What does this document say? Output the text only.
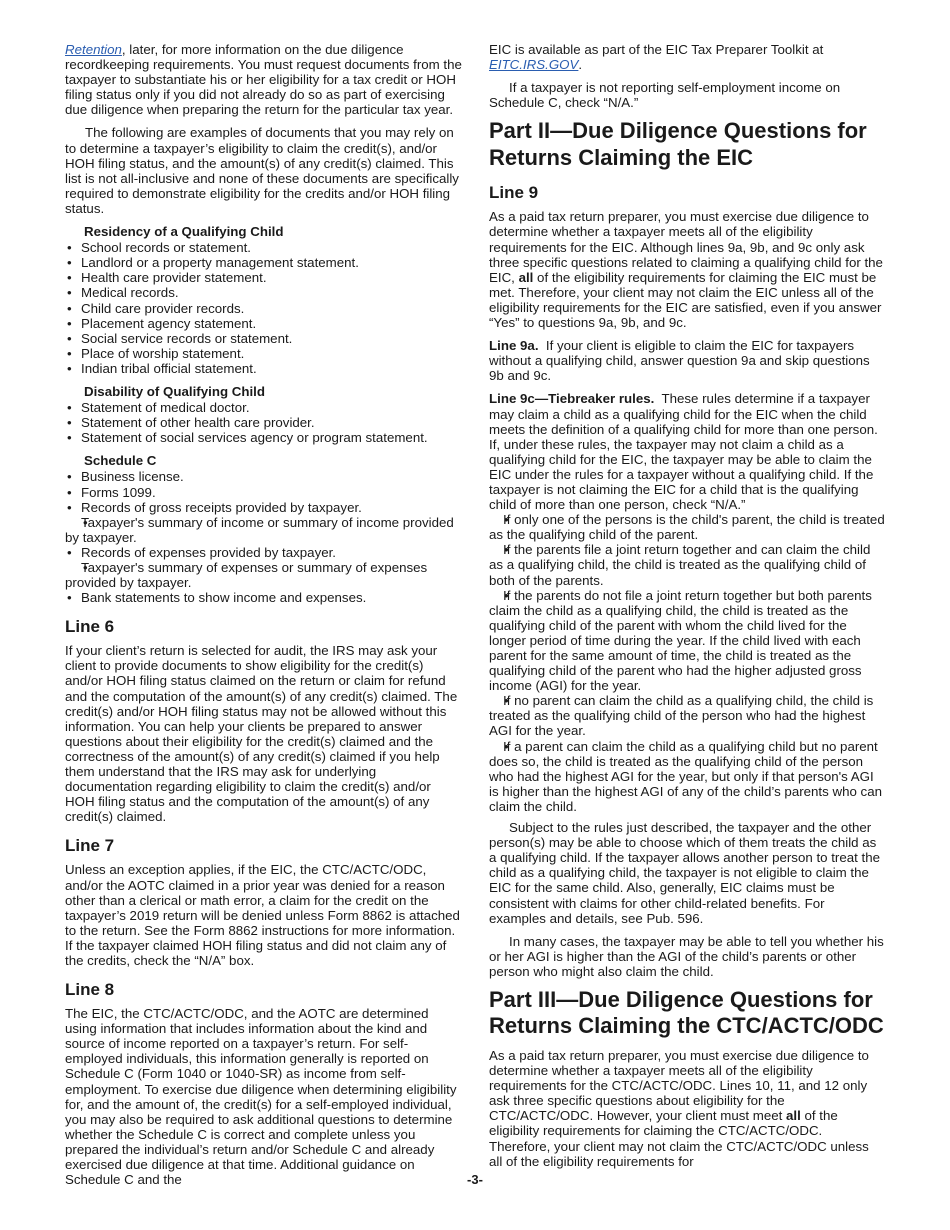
Retention, later, for more information on the due diligence recordkeeping requirements. You must request documents from the taxpayer to substantiate his or her eligibility for a tax credit or HOH filing status only if you did not already do so as part of exercising due diligence when preparing the return for the particular tax year.

The following are examples of documents that you may rely on to determine a taxpayer’s eligibility to claim the credit(s), and/or HOH filing status, and the amount(s) of any credit(s) claimed. This list is not all-inclusive and none of these documents are specifically required to demonstrate eligibility for the credits and/or HOH filing status.

Residency of a Qualifying Child
• School records or statement.
• Landlord or a property management statement.
• Health care provider statement.
• Medical records.
• Child care provider records.
• Placement agency statement.
• Social service records or statement.
• Place of worship statement.
• Indian tribal official statement.
Disability of Qualifying Child
• Statement of medical doctor.
• Statement of other health care provider.
• Statement of social services agency or program statement.
Schedule C
• Business license.
• Forms 1099.
• Records of gross receipts provided by taxpayer.
• Taxpayer's summary of income or summary of income provided by taxpayer.
• Records of expenses provided by taxpayer.
• Taxpayer's summary of expenses or summary of expenses provided by taxpayer.
• Bank statements to show income and expenses.
Line 6

If your client’s return is selected for audit, the IRS may ask your client to provide documents to show eligibility for the credit(s) and/or HOH filing status claimed on the return or claim for refund and the computation of the amount(s) of any credit(s) claimed. The credit(s) and/or HOH filing status may not be allowed without this information. You can help your clients be prepared to answer questions about their eligibility for the credit(s) claimed and the correctness of the amount(s) of any credit(s) claimed if you help them understand that the IRS may ask for underlying documentation regarding eligibility to claim the credit(s) and/or HOH filing status and the computation of the amount(s) of any credit(s) claimed.

Line 7

Unless an exception applies, if the EIC, the CTC/ACTC/ODC, and/or the AOTC claimed in a prior year was denied for a reason other than a clerical or math error, a claim for the credit on the taxpayer’s 2019 return will be denied unless Form 8862 is attached to the return. See the Form 8862 instructions for more information. If the taxpayer claimed HOH filing status and did not claim any of the credits, check the “N/A” box.

Line 8

The EIC, the CTC/ACTC/ODC, and the AOTC are determined using information that includes information about the kind and source of income reported on a taxpayer’s return. For self-employed individuals, this information generally is reported on Schedule C (Form 1040 or 1040-SR) as income from self-employment. To exercise due diligence when determining eligibility for, and the amount of, the credit(s) for a self-employed individual, you may also be required to ask additional questions to determine whether the Schedule C is correct and complete unless you prepared the individual’s return and/or Schedule C and already exercised due diligence at that time. Additional guidance on Schedule C and the

EIC is available as part of the EIC Tax Preparer Toolkit at EITC.IRS.GOV.

If a taxpayer is not reporting self-employment income on Schedule C, check “N/A.”

Part II—Due Diligence Questions for Returns Claiming the EIC
Line 9

As a paid tax return preparer, you must exercise due diligence to determine whether a taxpayer meets all of the eligibility requirements for the EIC. Although lines 9a, 9b, and 9c only ask three specific questions related to claiming a qualifying child for the EIC, all of the eligibility requirements for claiming the EIC must be met. Therefore, your client may not claim the EIC unless all of the eligibility requirements for the EIC are satisfied, even if you answer “Yes” to questions 9a, 9b, and 9c.

Line 9a. If your client is eligible to claim the EIC for taxpayers without a qualifying child, answer question 9a and skip questions 9b and 9c.

Line 9c—Tiebreaker rules. These rules determine if a taxpayer may claim a child as a qualifying child for the EIC when the child meets the definition of a qualifying child for more than one person. If, under these rules, the taxpayer may not claim a child as a qualifying child for the EIC, the taxpayer may be able to claim the EIC under the rules for a taxpayer without a qualifying child. If the taxpayer is not claiming the EIC for a child that is the qualifying child of more than one person, check “N/A.”

• If only one of the persons is the child's parent, the child is treated as the qualifying child of the parent.
• If the parents file a joint return together and can claim the child as a qualifying child, the child is treated as the qualifying child of both of the parents.
• If the parents do not file a joint return together but both parents claim the child as a qualifying child, the child is treated as the qualifying child of the parent with whom the child lived for the longer period of time during the year. If the child lived with each parent for the same amount of time, the child is treated as the qualifying child of the parent who had the higher adjusted gross income (AGI) for the year.
• If no parent can claim the child as a qualifying child, the child is treated as the qualifying child of the person who had the highest AGI for the year.
• If a parent can claim the child as a qualifying child but no parent does so, the child is treated as the qualifying child of the person who had the highest AGI for the year, but only if that person's AGI is higher than the highest AGI of any of the child’s parents who can claim the child.

Subject to the rules just described, the taxpayer and the other person(s) may be able to choose which of them treats the child as a qualifying child. If the taxpayer allows another person to treat the child as a qualifying child, the taxpayer is not eligible to claim the EIC for the same child. Also, generally, EIC claims must be consistent with claims for other child-related benefits. For examples and details, see Pub. 596.

In many cases, the taxpayer may be able to tell you whether his or her AGI is higher than the AGI of the child’s parents or other person who might also claim the child.

Part III—Due Diligence Questions for Returns Claiming the CTC/ACTC/ODC

As a paid tax return preparer, you must exercise due diligence to determine whether a taxpayer meets all of the eligibility requirements for the CTC/ACTC/ODC. Lines 10, 11, and 12 only ask three specific questions about eligibility for the CTC/ACTC/ODC. However, your client must meet all of the eligibility requirements for claiming the CTC/ACTC/ODC. Therefore, your client may not claim the CTC/ACTC/ODC unless all of the eligibility requirements for

-3-
